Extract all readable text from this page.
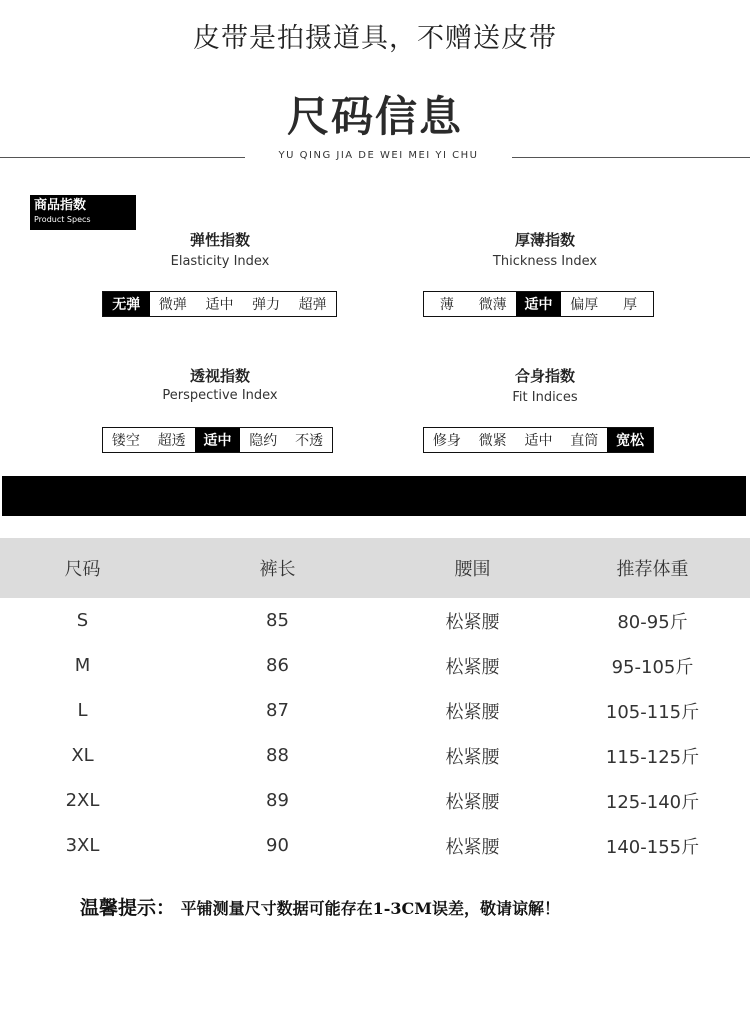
皮带是拍摄道具，不赠送皮带
尺码信息
YU QING JIA DE WEI MEI YI CHU
商品指数
Product Specs
弹性指数
Elasticity Index
无弹	微弹	适中	弹力	超弹
厚薄指数
Thickness Index
薄	微薄	适中	偏厚	厚
透视指数
Perspective Index
镂空	超透	适中	隐约	不透
合身指数
Fit Indices
修身	微紧	适中	直筒	宽松
尺码	裤长	腰围	推荐体重
S	85	松紧腰	80-95斤
M	86	松紧腰	95-105斤
L	87	松紧腰	105-115斤
XL	88	松紧腰	115-125斤
2XL	89	松紧腰	125-140斤
3XL	90	松紧腰	140-155斤
温馨提示： 平铺测量尺寸数据可能存在1-3CM误差，敬请谅解！
